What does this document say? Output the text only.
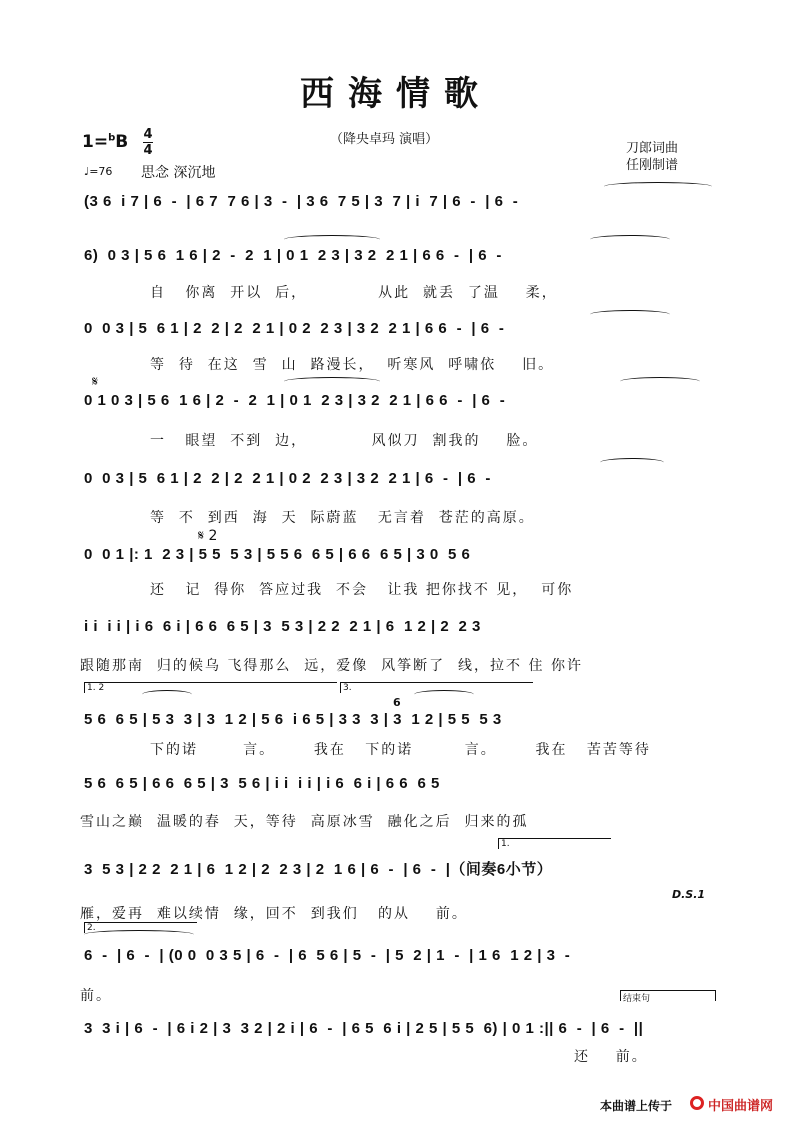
西海情歌
（降央卓玛 演唱）
1=$^b$B 4
4
♩=76 思念 深沉地
刀郎词曲
任刚制谱
(3 6  i 7 | 6  -  | 6 7  7 6 | 3  -  | 3 6  7 5 | 3  7 | i  7 | 6  -  | 6  -
6)  0 3 | 5 6  1 6 | 2  -  2  1 | 0 1  2 3 | 3 2  2 1 | 6 6  -  | 6  -
自   你离  开以  后，           从此  就丢  了温    柔，
0  0 3 | 5  6 1 | 2  2 | 2  2 1 | 0 2  2 3 | 3 2  2 1 | 6 6  -  | 6  -
等  待  在这  雪  山  路漫长，  听寒风  呼啸依    旧。
0 1 0 3 | 5 6  1 6 | 2  -  2  1 | 0 1  2 3 | 3 2  2 1 | 6 6  -  | 6  -
一   眼望  不到  边，          风似刀  割我的    脸。
0  0 3 | 5  6 1 | 2  2 | 2  2 1 | 0 2  2 3 | 3 2  2 1 | 6  -  | 6  -
等  不  到西  海  天  际蔚蓝   无言着  苍茫的高原。
0  0 1 |: 1  2 3 | 5 5  5 3 | 5 5 6  6 5 | 6 6  6 5 | 3 0  5 6
还   记  得你  答应过我  不会   让我 把你找不 见，  可你
i i  i i | i 6  6 i | 6 6  6 5 | 3  5 3 | 2 2  2 1 | 6  1 2 | 2  2 3
跟随那南  归的候乌 飞得那么  远，爱像  风筝断了  线，拉不 住 你许
5 6  6 5 | 5 3  3 | 3  1 2 | 5 6  i 6 5 | 3 3  3 | 3  1 2 | 5 5  5 3
下的诺       言。      我在   下的诺        言。      我在   苦苦等待
5 6  6 5 | 6 6  6 5 | 3  5 6 | i i  i i | i 6  6 i | 6 6  6 5
雪山之巅  温暖的春  天，等待  高原冰雪  融化之后  归来的孤
3  5 3 | 2 2  2 1 | 6  1 2 | 2  2 3 | 2  1 6 | 6  -  | 6  -  |（间奏6小节）
雁，爱再  难以续情  缘，回不  到我们   的从    前。
6  -  | 6  -  | (0 0  0 3 5 | 6  -  | 6  5 6 | 5  -  | 5  2 | 1  -  | 1 6  1 2 | 3  -
前。
3  3 i | 6  -  | 6 i 2 | 3  3 2 | 2 i | 6  -  | 6 5  6 i | 2 5 | 5 5  6) | 0 1 :|| 6  -  | 6  -  ||
还    前。
𝄋
𝄋 2
1. 2	3.
1.
2.
结束句
D.S.1
6
本曲谱上传于	中国曲谱网
